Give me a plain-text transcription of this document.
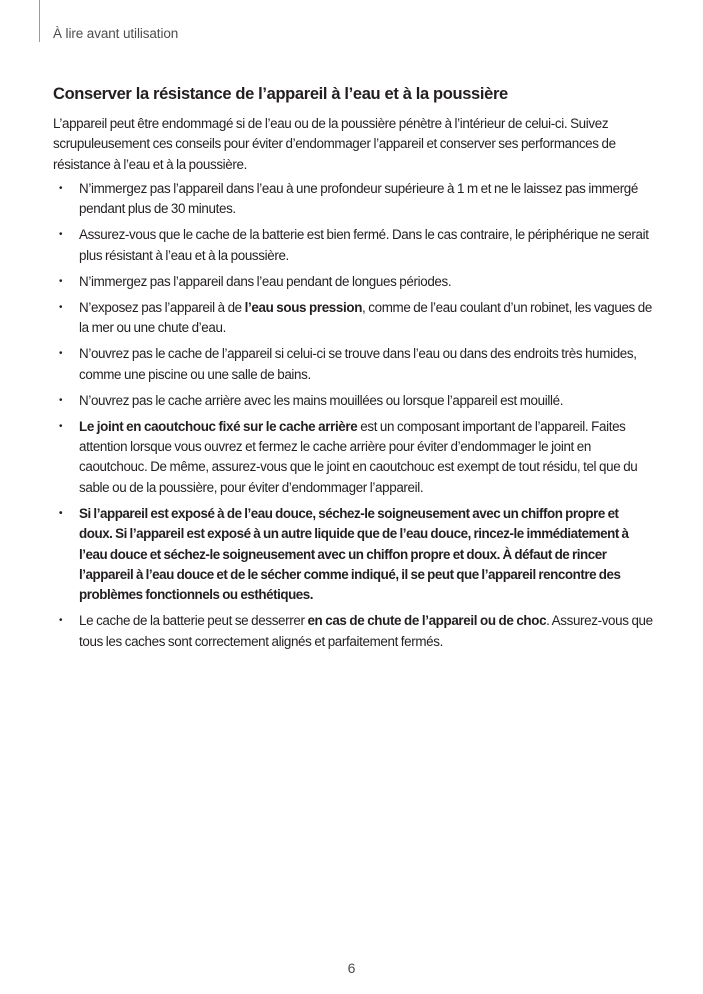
À lire avant utilisation
Conserver la résistance de l’appareil à l’eau et à la poussière

L’appareil peut être endommagé si de l’eau ou de la poussière pénètre à l’intérieur de celui-ci. Suivez scrupuleusement ces conseils pour éviter d’endommager l’appareil et conserver ses performances de résistance à l’eau et à la poussière.

• N’immergez pas l’appareil dans l’eau à une profondeur supérieure à 1 m et ne le laissez pas immergé pendant plus de 30 minutes.
• Assurez-vous que le cache de la batterie est bien fermé. Dans le cas contraire, le périphérique ne serait plus résistant à l’eau et à la poussière.
• N’immergez pas l’appareil dans l’eau pendant de longues périodes.
• N’exposez pas l’appareil à de l’eau sous pression, comme de l’eau coulant d’un robinet, les vagues de la mer ou une chute d’eau.
• N’ouvrez pas le cache de l’appareil si celui-ci se trouve dans l’eau ou dans des endroits très humides, comme une piscine ou une salle de bains.
• N’ouvrez pas le cache arrière avec les mains mouillées ou lorsque l’appareil est mouillé.
• Le joint en caoutchouc fixé sur le cache arrière est un composant important de l’appareil. Faites attention lorsque vous ouvrez et fermez le cache arrière pour éviter d’endommager le joint en caoutchouc. De même, assurez-vous que le joint en caoutchouc est exempt de tout résidu, tel que du sable ou de la poussière, pour éviter d’endommager l’appareil.
• Si l’appareil est exposé à de l’eau douce, séchez-le soigneusement avec un chiffon propre et doux. Si l’appareil est exposé à un autre liquide que de l’eau douce, rincez-le immédiatement à l’eau douce et séchez-le soigneusement avec un chiffon propre et doux. À défaut de rincer l’appareil à l’eau douce et de le sécher comme indiqué, il se peut que l’appareil rencontre des problèmes fonctionnels ou esthétiques.
• Le cache de la batterie peut se desserrer en cas de chute de l’appareil ou de choc. Assurez-vous que tous les caches sont correctement alignés et parfaitement fermés.
6
